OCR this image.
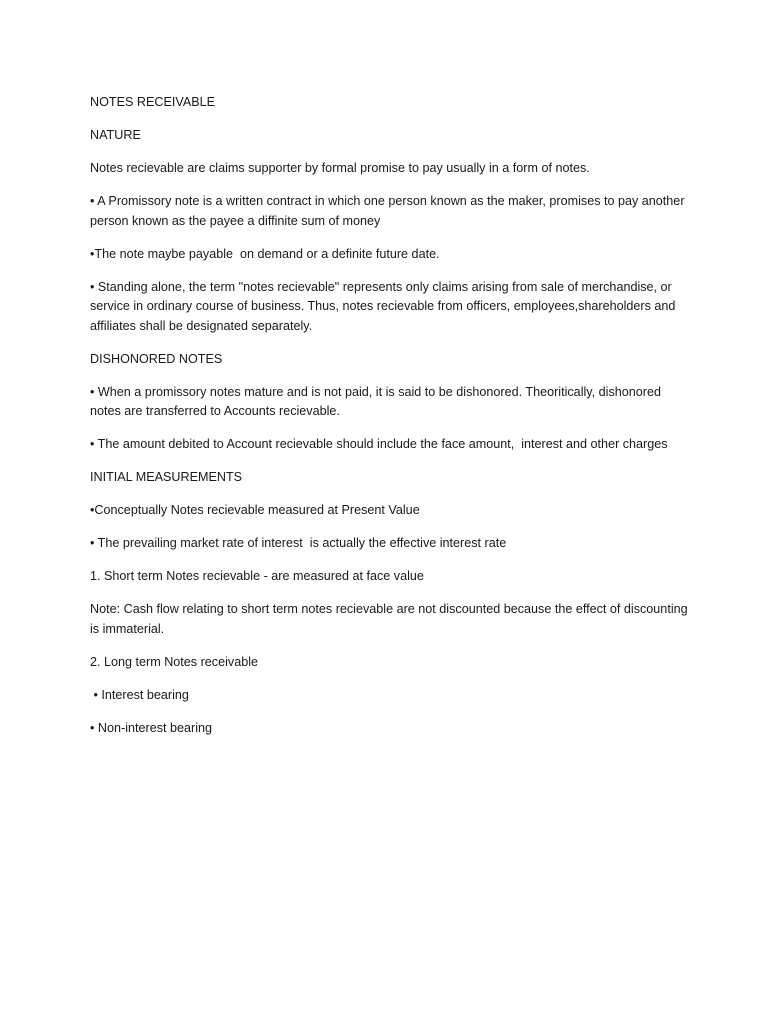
NOTES RECEIVABLE

NATURE

Notes recievable are claims supporter by formal promise to pay usually in a form of notes.

• A Promissory note is a written contract in which one person known as the maker, promises to pay another person known as the payee a diffinite sum of money

•The note maybe payable  on demand or a definite future date.

• Standing alone, the term "notes recievable" represents only claims arising from sale of merchandise, or service in ordinary course of business. Thus, notes recievable from officers, employees,shareholders and affiliates shall be designated separately.

DISHONORED NOTES

• When a promissory notes mature and is not paid, it is said to be dishonored. Theoritically, dishonored notes are transferred to Accounts recievable.

• The amount debited to Account recievable should include the face amount,  interest and other charges

INITIAL MEASUREMENTS

•Conceptually Notes recievable measured at Present Value

• The prevailing market rate of interest  is actually the effective interest rate

1. Short term Notes recievable - are measured at face value

Note: Cash flow relating to short term notes recievable are not discounted because the effect of discounting is immaterial.

2. Long term Notes receivable

• Interest bearing

• Non-interest bearing
